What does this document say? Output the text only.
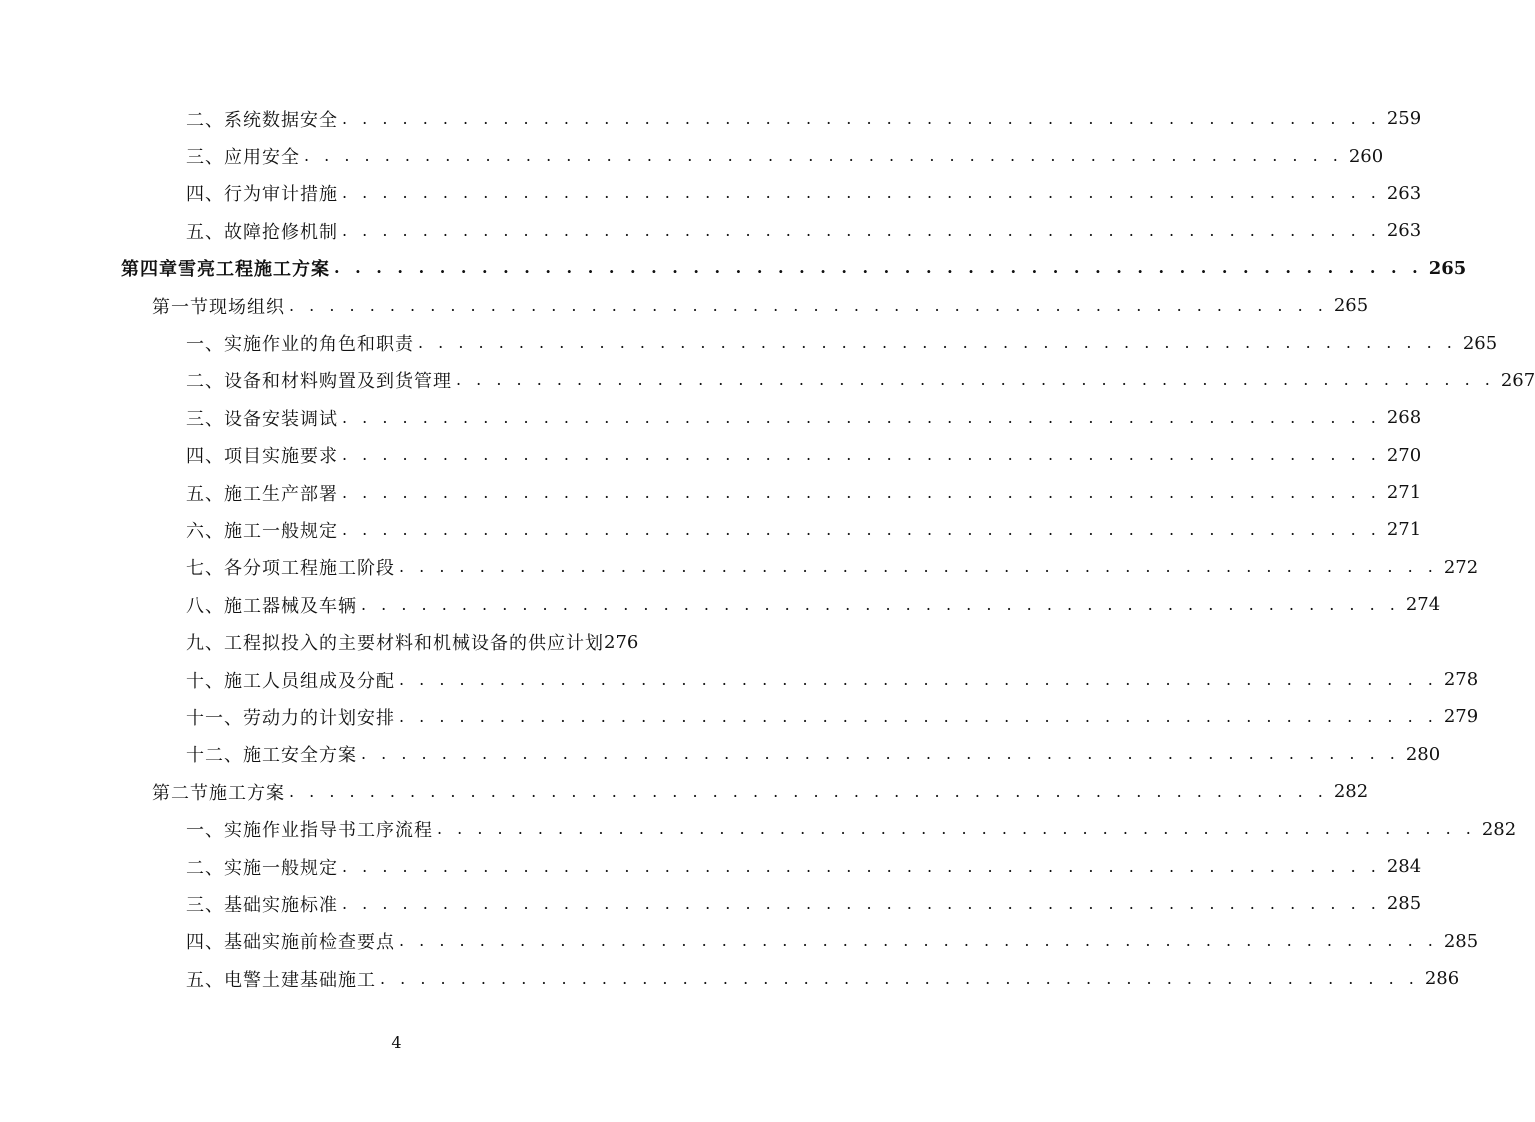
二、系统数据安全 . . . . . . . . . . . . . . . . . . . . . . . . . . . . . . . . . . . . . . . . . . . . . . . . . . . . 259
三、应用安全 . . . . . . . . . . . . . . . . . . . . . . . . . . . . . . . . . . . . . . . . . . . . . . . . . . . . 260
四、行为审计措施 . . . . . . . . . . . . . . . . . . . . . . . . . . . . . . . . . . . . . . . . . . . . . . . . . . . . 263
五、故障抢修机制 . . . . . . . . . . . . . . . . . . . . . . . . . . . . . . . . . . . . . . . . . . . . . . . . . . . . 263
第四章 雪亮工程施工方案 . . . . . . . . . . . . . . . . . . . . . . . . . . . . . . . . . . . . . . . . . . . . . . . . . . . . 265
第一节 现场组织 . . . . . . . . . . . . . . . . . . . . . . . . . . . . . . . . . . . . . . . . . . . . . . . . . . . . 265
一、实施作业的角色和职责 . . . . . . . . . . . . . . . . . . . . . . . . . . . . . . . . . . . . . . . . . . . . . . . . . . . . 265
二、设备和材料购置及到货管理 . . . . . . . . . . . . . . . . . . . . . . . . . . . . . . . . . . . . . . . . . . . . . . . . . . . . 267
三、设备安装调试 . . . . . . . . . . . . . . . . . . . . . . . . . . . . . . . . . . . . . . . . . . . . . . . . . . . . 268
四、项目实施要求 . . . . . . . . . . . . . . . . . . . . . . . . . . . . . . . . . . . . . . . . . . . . . . . . . . . . 270
五、施工生产部署 . . . . . . . . . . . . . . . . . . . . . . . . . . . . . . . . . . . . . . . . . . . . . . . . . . . . 271
六、施工一般规定 . . . . . . . . . . . . . . . . . . . . . . . . . . . . . . . . . . . . . . . . . . . . . . . . . . . . 271
七、各分项工程施工阶段 . . . . . . . . . . . . . . . . . . . . . . . . . . . . . . . . . . . . . . . . . . . . . . . . . . . . 272
八、施工器械及车辆 . . . . . . . . . . . . . . . . . . . . . . . . . . . . . . . . . . . . . . . . . . . . . . . . . . . . 274
九、工程拟投入的主要材料和机械设备的供应计划 276
十、施工人员组成及分配 . . . . . . . . . . . . . . . . . . . . . . . . . . . . . . . . . . . . . . . . . . . . . . . . . . . . 278
十一、劳动力的计划安排 . . . . . . . . . . . . . . . . . . . . . . . . . . . . . . . . . . . . . . . . . . . . . . . . . . . . 279
十二、施工安全方案 . . . . . . . . . . . . . . . . . . . . . . . . . . . . . . . . . . . . . . . . . . . . . . . . . . . . 280
第二节 施工方案 . . . . . . . . . . . . . . . . . . . . . . . . . . . . . . . . . . . . . . . . . . . . . . . . . . . . 282
一、实施作业指导书工序流程 . . . . . . . . . . . . . . . . . . . . . . . . . . . . . . . . . . . . . . . . . . . . . . . . . . . . 282
二、实施一般规定 . . . . . . . . . . . . . . . . . . . . . . . . . . . . . . . . . . . . . . . . . . . . . . . . . . . . 284
三、基础实施标准 . . . . . . . . . . . . . . . . . . . . . . . . . . . . . . . . . . . . . . . . . . . . . . . . . . . . 285
四、基础实施前检查要点 . . . . . . . . . . . . . . . . . . . . . . . . . . . . . . . . . . . . . . . . . . . . . . . . . . . . 285
五、电警土建基础施工 . . . . . . . . . . . . . . . . . . . . . . . . . . . . . . . . . . . . . . . . . . . . . . . . . . . . 286
4
